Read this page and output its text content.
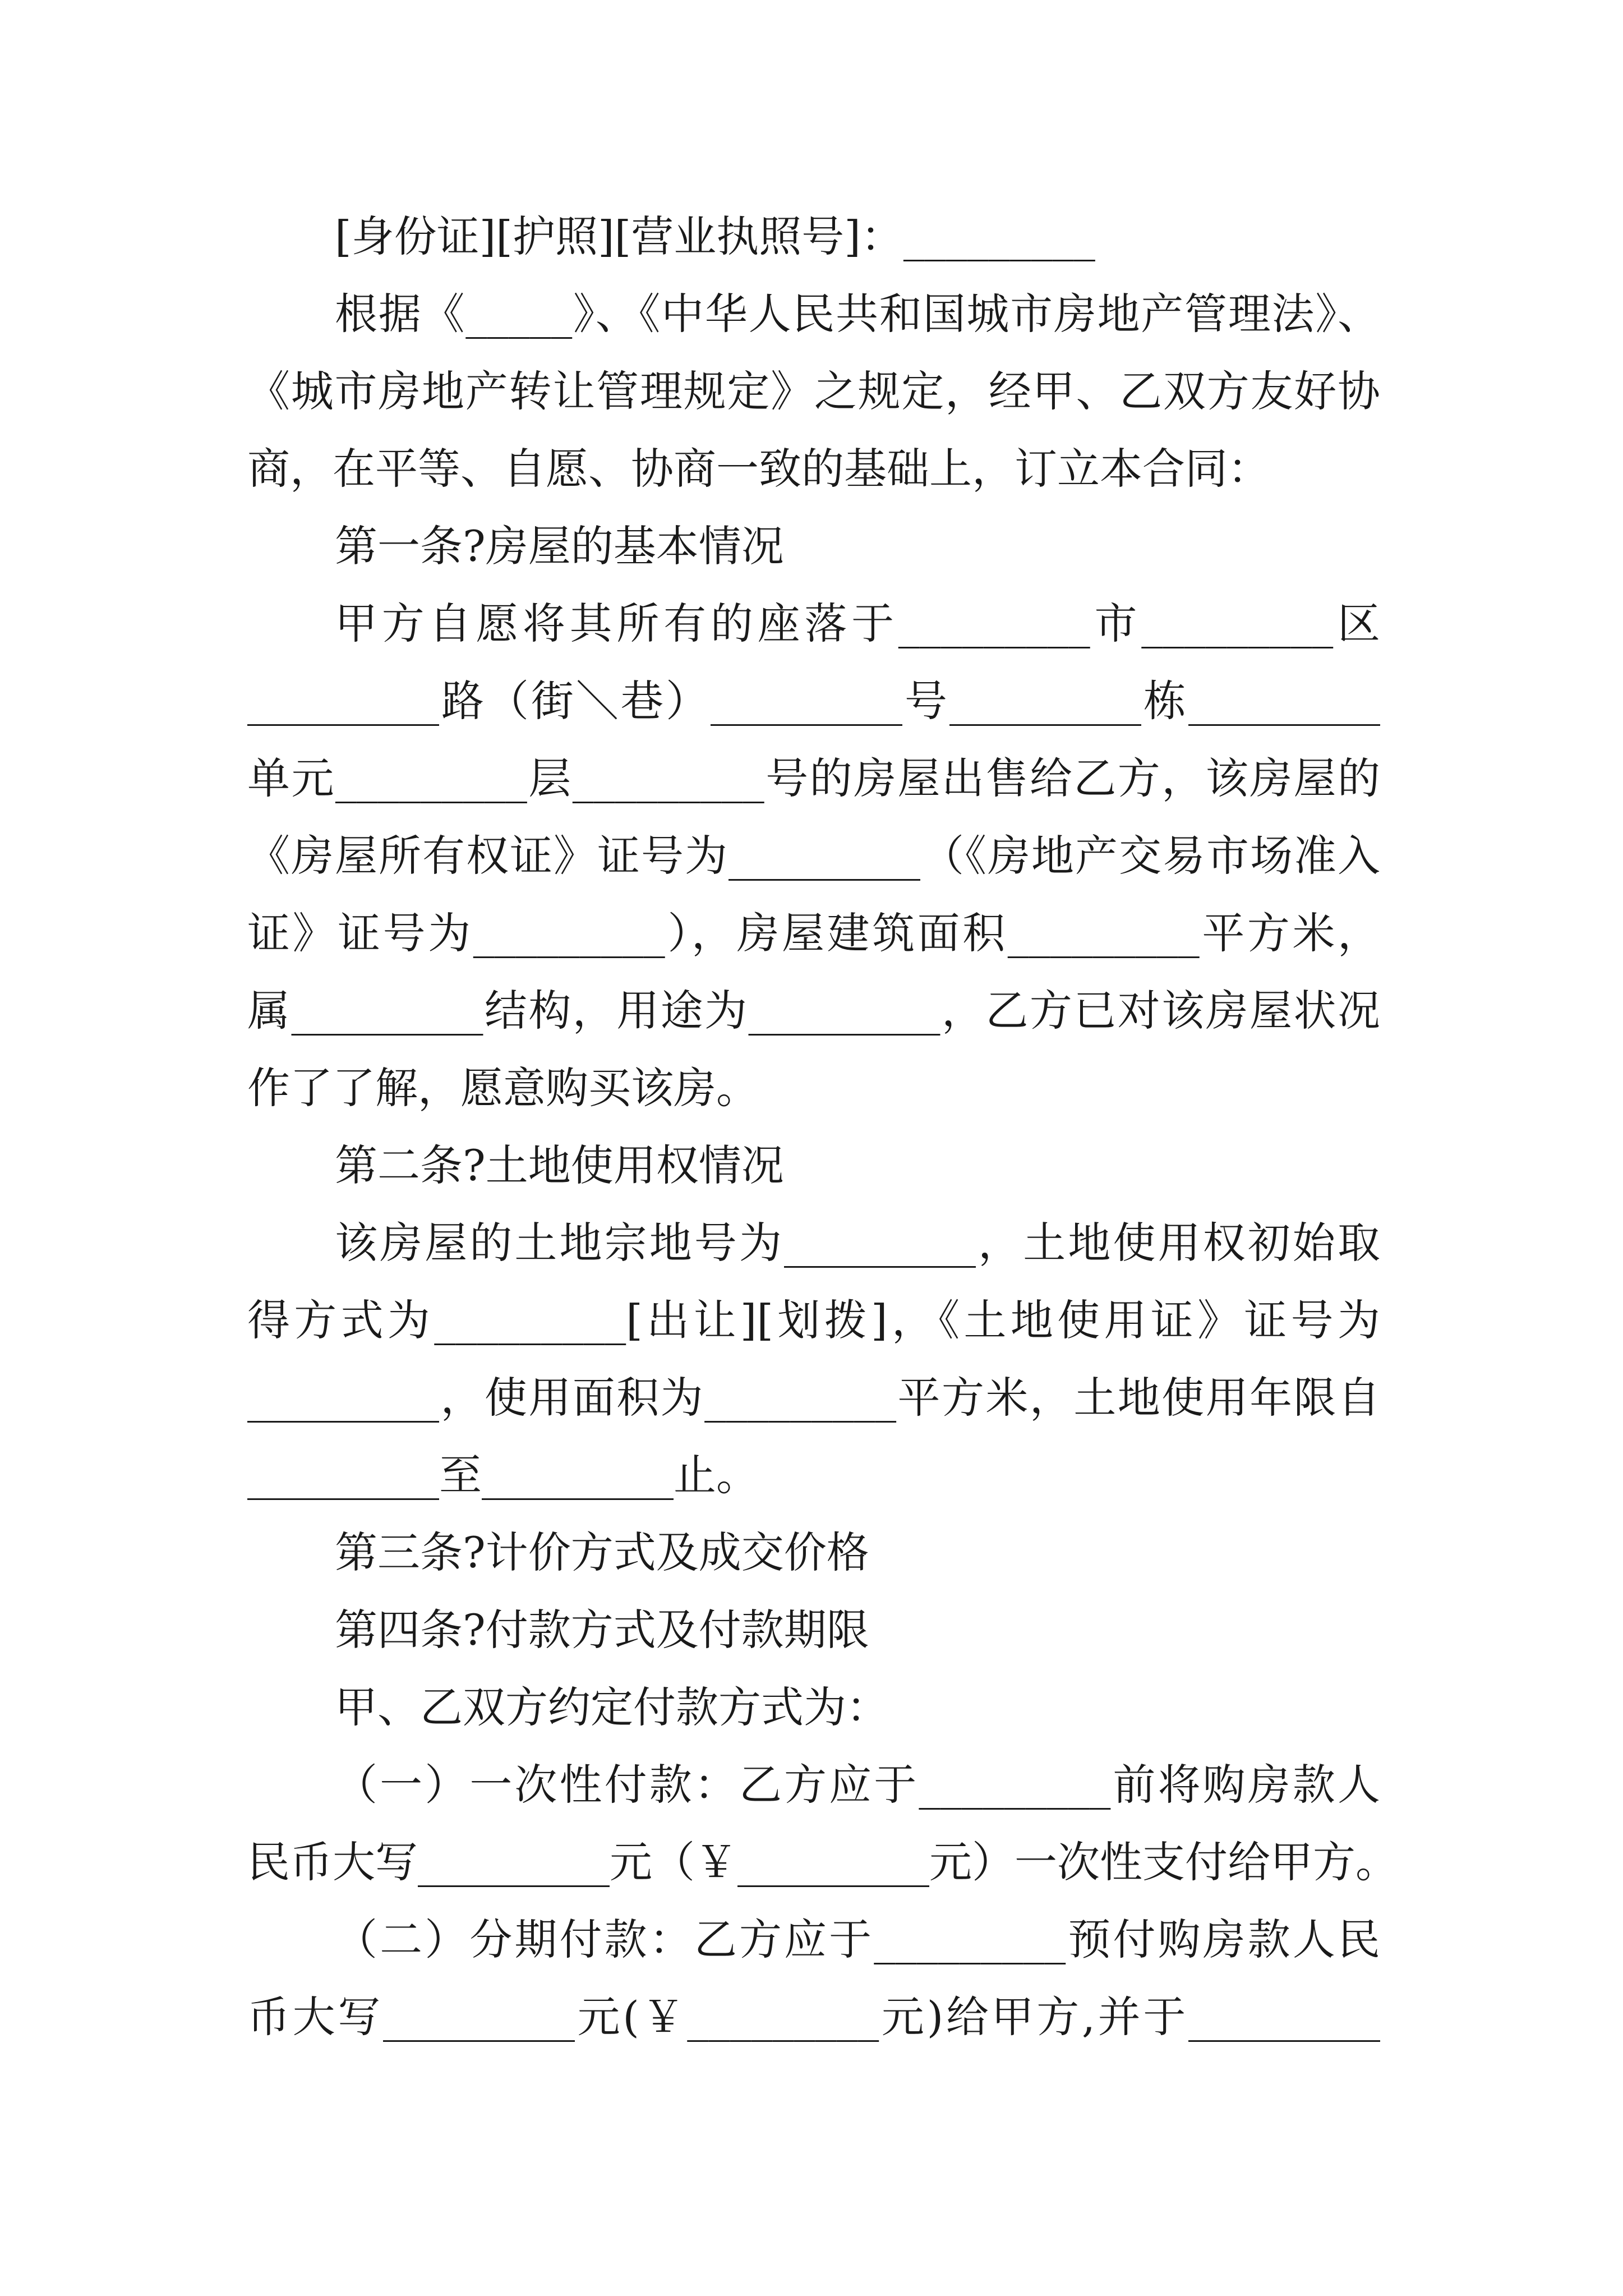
[身份证][护照][营业执照号]：_________
根据《_____》、《中华人民共和国城市房地产管理法》、
《城市房地产转让管理规定》之规定，经甲、乙双方友好协
商，在平等、自愿、协商一致的基础上，订立本合同：
第一条?房屋的基本情况
甲方自愿将其所有的座落于_________市_________区
_________路（街＼巷）_________号_________栋_________
单元_________层_________号的房屋出售给乙方，该房屋的
《房屋所有权证》证号为_________（《房地产交易市场准入
证》证号为_________），房屋建筑面积_________平方米，
属_________结构，用途为_________，乙方已对该房屋状况
作了了解，愿意购买该房。
第二条?土地使用权情况
该房屋的土地宗地号为_________，土地使用权初始取
得方式为_________[出让][划拨]，《土地使用证》证号为
_________，使用面积为_________平方米，土地使用年限自
_________至_________止。
第三条?计价方式及成交价格
第四条?付款方式及付款期限
甲、乙双方约定付款方式为：
（一）一次性付款：乙方应于_________前将购房款人
民币大写_________元（￥_________元）一次性支付给甲方。
（二）分期付款：乙方应于_________预付购房款人民
币大写_________元(￥_________元)给甲方,并于_________
